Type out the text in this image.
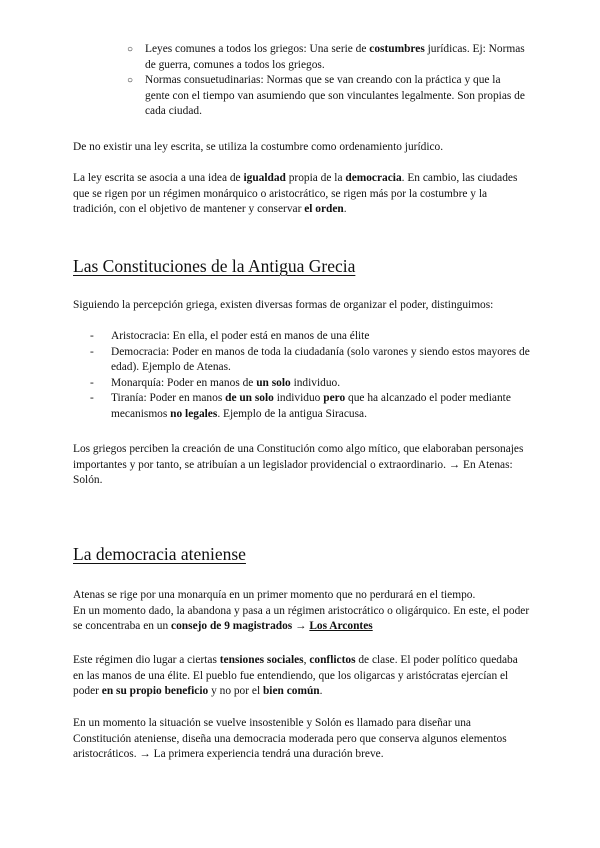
○ Leyes comunes a todos los griegos: Una serie de costumbres jurídicas. Ej: Normas de guerra, comunes a todos los griegos.

○ Normas consuetudinarias: Normas que se van creando con la práctica y que la gente con el tiempo van asumiendo que son vinculantes legalmente. Son propias de cada ciudad.

De no existir una ley escrita, se utiliza la costumbre como ordenamiento jurídico.

La ley escrita se asocia a una idea de igualdad propia de la democracia. En cambio, las ciudades que se rigen por un régimen monárquico o aristocrático, se rigen más por la costumbre y la tradición, con el objetivo de mantener y conservar el orden.

Las Constituciones de la Antigua Grecia

Siguiendo la percepción griega, existen diversas formas de organizar el poder, distinguimos:

- Aristocracia: En ella, el poder está en manos de una élite

- Democracia: Poder en manos de toda la ciudadanía (solo varones y siendo estos mayores de edad). Ejemplo de Atenas.

- Monarquía: Poder en manos de un solo individuo.

- Tiranía: Poder en manos de un solo individuo pero que ha alcanzado el poder mediante mecanismos no legales. Ejemplo de la antigua Siracusa.

Los griegos perciben la creación de una Constitución como algo mítico, que elaboraban personajes importantes y por tanto, se atribuían a un legislador providencial o extraordinario. → En Atenas: Solón.

La democracia ateniense

Atenas se rige por una monarquía en un primer momento que no perdurará en el tiempo.
En un momento dado, la abandona y pasa a un régimen aristocrático o oligárquico. En este, el poder se concentraba en un consejo de 9 magistrados → Los Arcontes

Este régimen dio lugar a ciertas tensiones sociales, conflictos de clase. El poder político quedaba en las manos de una élite. El pueblo fue entendiendo, que los oligarcas y aristócratas ejercían el poder en su propio beneficio y no por el bien común.

En un momento la situación se vuelve insostenible y Solón es llamado para diseñar una Constitución ateniense, diseña una democracia moderada pero que conserva algunos elementos aristocráticos. → La primera experiencia tendrá una duración breve.
